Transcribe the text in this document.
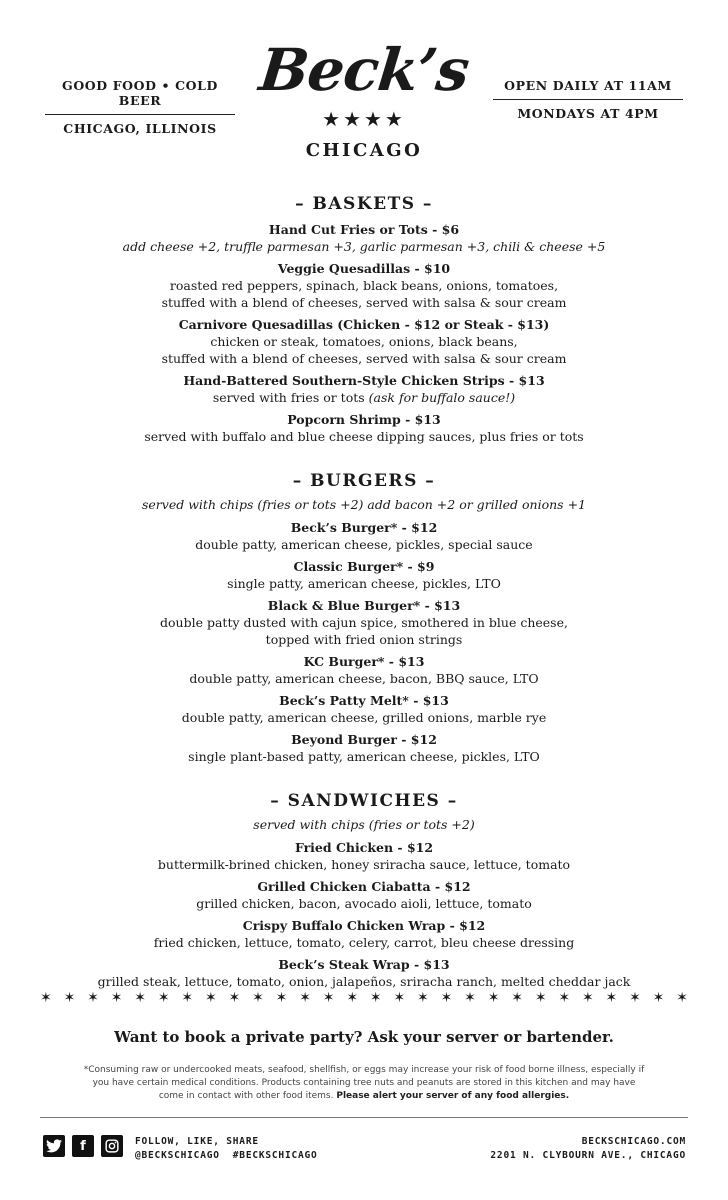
GOOD FOOD • COLD BEER
CHICAGO, ILLINOIS
Beck’s
★★★★
CHICAGO
OPEN DAILY AT 11AM
MONDAYS AT 4PM
– BASKETS –
Hand Cut Fries or Tots - $6
add cheese +2, truffle parmesan +3, garlic parmesan +3, chili & cheese +5
Veggie Quesadillas - $10
roasted red peppers, spinach, black beans, onions, tomatoes,
stuffed with a blend of cheeses, served with salsa & sour cream
Carnivore Quesadillas (Chicken - $12 or Steak - $13)
chicken or steak, tomatoes, onions, black beans,
stuffed with a blend of cheeses, served with salsa & sour cream
Hand-Battered Southern-Style Chicken Strips - $13
served with fries or tots (ask for buffalo sauce!)
Popcorn Shrimp - $13
served with buffalo and blue cheese dipping sauces, plus fries or tots
– BURGERS –
served with chips (fries or tots +2) add bacon +2 or grilled onions +1
Beck’s Burger* - $12
double patty, american cheese, pickles, special sauce
Classic Burger* - $9
single patty, american cheese, pickles, LTO
Black & Blue Burger* - $13
double patty dusted with cajun spice, smothered in blue cheese,
topped with fried onion strings
KC Burger* - $13
double patty, american cheese, bacon, BBQ sauce, LTO
Beck’s Patty Melt* - $13
double patty, american cheese, grilled onions, marble rye
Beyond Burger - $12
single plant-based patty, american cheese, pickles, LTO
– SANDWICHES –
served with chips (fries or tots +2)
Fried Chicken - $12
buttermilk-brined chicken, honey sriracha sauce, lettuce, tomato
Grilled Chicken Ciabatta - $12
grilled chicken, bacon, avocado aioli, lettuce, tomato
Crispy Buffalo Chicken Wrap - $12
fried chicken, lettuce, tomato, celery, carrot, bleu cheese dressing
Beck’s Steak Wrap - $13
grilled steak, lettuce, tomato, onion, jalapeños, sriracha ranch, melted cheddar jack
✶ ✶ ✶ ✶ ✶ ✶ ✶ ✶ ✶ ✶ ✶ ✶ ✶ ✶ ✶ ✶ ✶ ✶ ✶ ✶ ✶ ✶ ✶ ✶ ✶ ✶ ✶ ✶
Want to book a private party? Ask your server or bartender.
*Consuming raw or undercooked meats, seafood, shellfish, or eggs may increase your risk of food borne illness, especially if you have certain medical conditions. Products containing tree nuts and peanuts are stored in this kitchen and may have come in contact with other food items. Please alert your server of any food allergies.
f	FOLLOW, LIKE, SHARE
@BECKSCHICAGO  #BECKSCHICAGO
BECKSCHICAGO.COM
2201 N. CLYBOURN AVE., CHICAGO
